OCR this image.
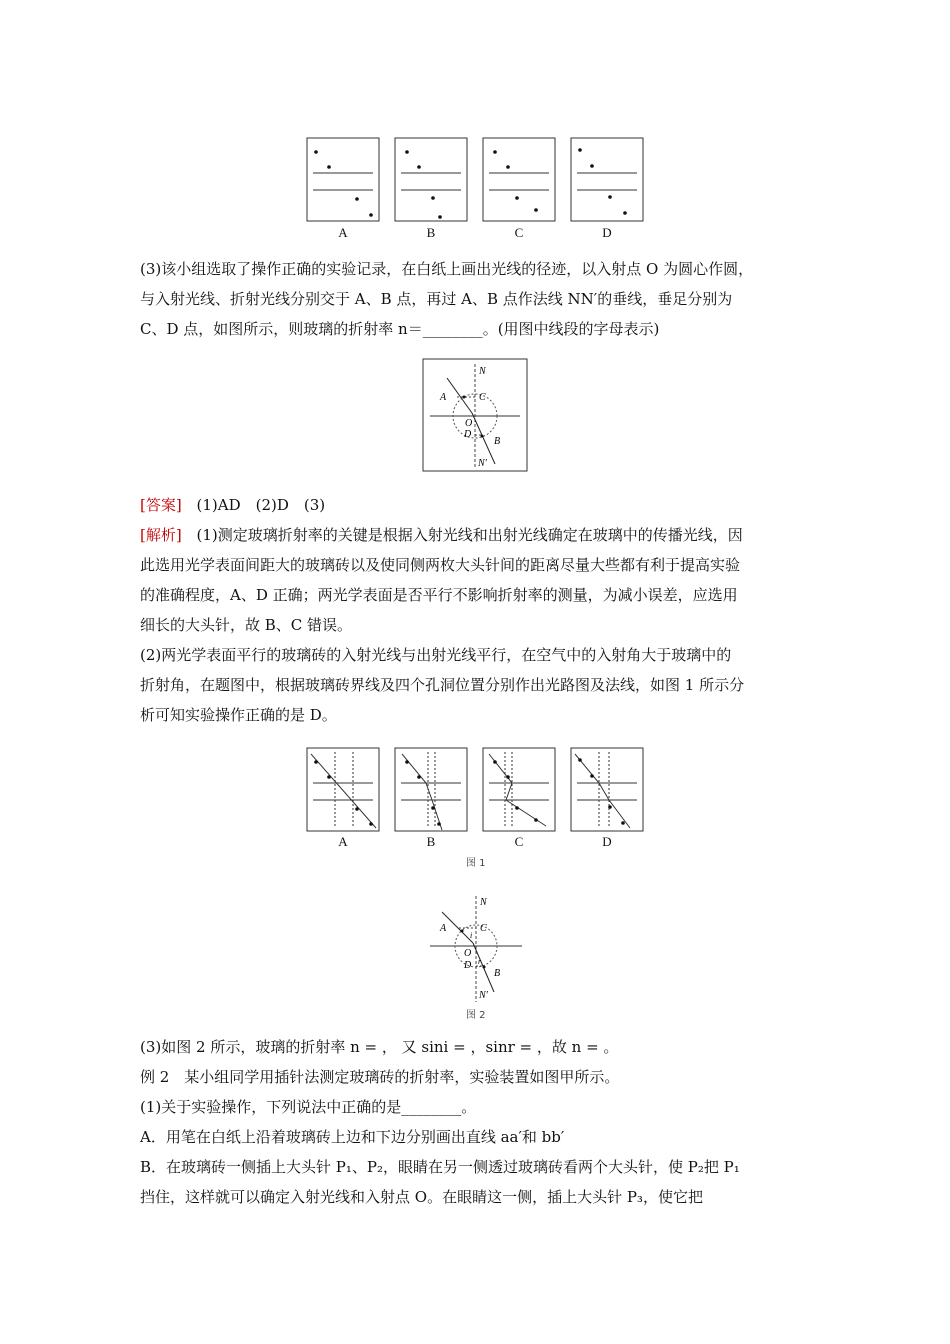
A	B	C	D
(3)该小组选取了操作正确的实验记录，在白纸上画出光线的径迹，以入射点 O 为圆心作圆，
与入射光线、折射光线分别交于 A、B 点，再过 A、B 点作法线 NN′的垂线，垂足分别为
C、D 点，如图所示，则玻璃的折射率 n＝________。(用图中线段的字母表示)
N
A	C
O
D
B
N′
[答案] (1)AD　(2)D　(3)
[解析] (1)测定玻璃折射率的关键是根据入射光线和出射光线确定在玻璃中的传播光线，因
此选用光学表面间距大的玻璃砖以及使同侧两枚大头针间的距离尽量大些都有利于提高实验
的准确程度，A、D 正确；两光学表面是否平行不影响折射率的测量，为减小误差，应选用
细长的大头针，故 B、C 错误。
(2)两光学表面平行的玻璃砖的入射光线与出射光线平行，在空气中的入射角大于玻璃中的
折射角，在题图中，根据玻璃砖界线及四个孔洞位置分别作出光路图及法线，如图 1 所示分
析可知实验操作正确的是 D。
A	B	C	D
图 1
N
A	C
i
O
D r
B
N′
图 2
(3)如图 2 所示，玻璃的折射率 n = ， 又 sini = ，sinr = ，故 n = 。
例 2　某小组同学用插针法测定玻璃砖的折射率，实验装置如图甲所示。
(1)关于实验操作，下列说法中正确的是________。
A．用笔在白纸上沿着玻璃砖上边和下边分别画出直线 aa′和 bb′
B．在玻璃砖一侧插上大头针 P₁、P₂，眼睛在另一侧透过玻璃砖看两个大头针，使 P₂把 P₁
挡住，这样就可以确定入射光线和入射点 O。在眼睛这一侧，插上大头针 P₃，使它把
